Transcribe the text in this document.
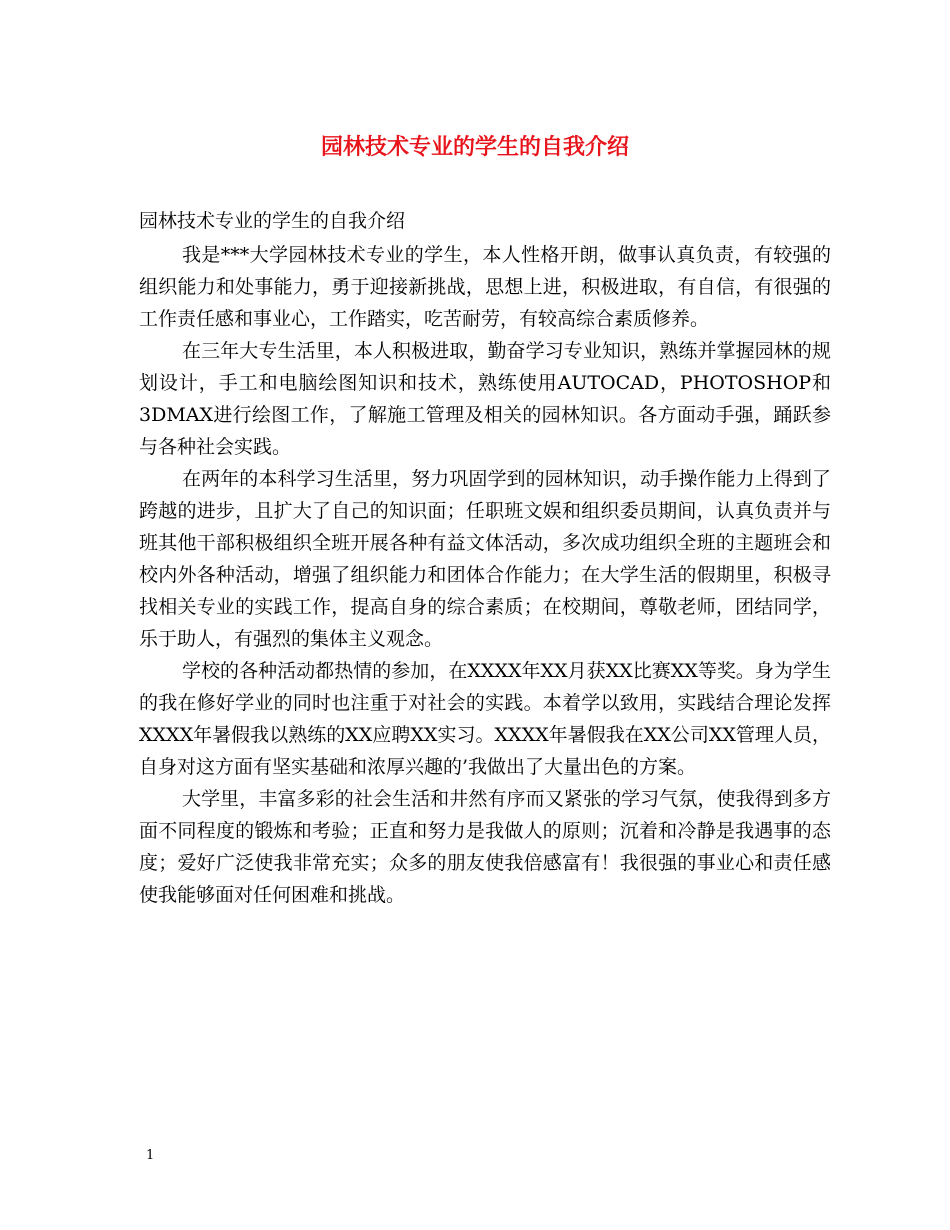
园林技术专业的学生的自我介绍
园林技术专业的学生的自我介绍

我是***大学园林技术专业的学生，本人性格开朗，做事认真负责，有较强的组织能力和处事能力，勇于迎接新挑战，思想上进，积极进取，有自信，有很强的工作责任感和事业心，工作踏实，吃苦耐劳，有较高综合素质修养。

在三年大专生活里，本人积极进取，勤奋学习专业知识，熟练并掌握园林的规划设计，手工和电脑绘图知识和技术，熟练使用AUTOCAD，PHOTOSHOP和3DMAX进行绘图工作，了解施工管理及相关的园林知识。各方面动手强，踊跃参与各种社会实践。

在两年的本科学习生活里，努力巩固学到的园林知识，动手操作能力上得到了跨越的进步，且扩大了自己的知识面；任职班文娱和组织委员期间，认真负责并与班其他干部积极组织全班开展各种有益文体活动，多次成功组织全班的主题班会和校内外各种活动，增强了组织能力和团体合作能力；在大学生活的假期里，积极寻找相关专业的实践工作，提高自身的综合素质；在校期间，尊敬老师，团结同学，乐于助人，有强烈的集体主义观念。

学校的各种活动都热情的参加，在XXXX年XX月获XX比赛XX等奖。身为学生的我在修好学业的同时也注重于对社会的实践。本着学以致用，实践结合理论发挥XXXX年暑假我以熟练的XX应聘XX实习。XXXX年暑假我在XX公司XX管理人员，自身对这方面有坚实基础和浓厚兴趣的’我做出了大量出色的方案。

大学里，丰富多彩的社会生活和井然有序而又紧张的学习气氛，使我得到多方面不同程度的锻炼和考验；正直和努力是我做人的原则；沉着和冷静是我遇事的态度；爱好广泛使我非常充实；众多的朋友使我倍感富有！我很强的事业心和责任感使我能够面对任何困难和挑战。

1
